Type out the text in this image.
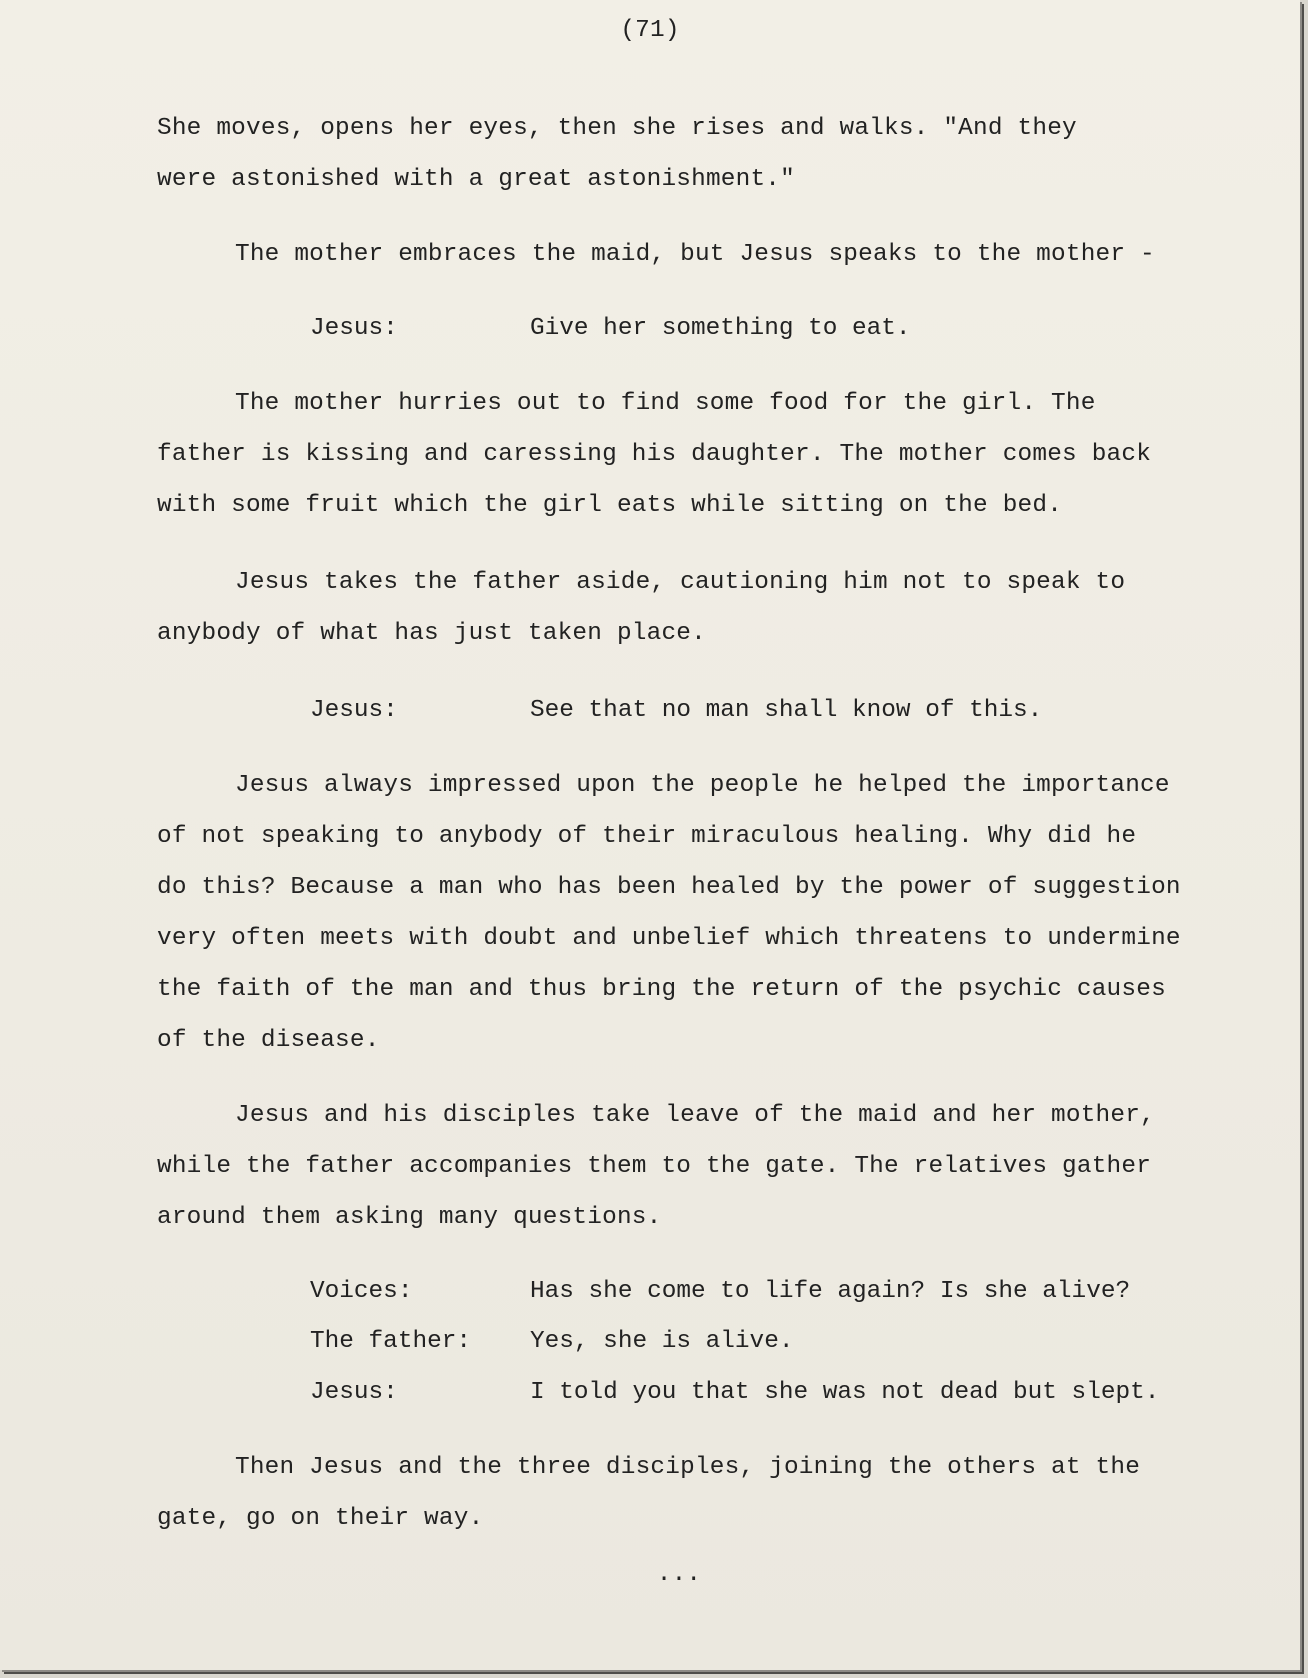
(71)
She moves, opens her eyes, then she rises and walks. "And they
were astonished with a great astonishment."
The mother embraces the maid, but Jesus speaks to the mother -
Jesus:	Give her something to eat.
The mother hurries out to find some food for the girl. The
father is kissing and caressing his daughter. The mother comes back
with some fruit which the girl eats while sitting on the bed.
Jesus takes the father aside, cautioning him not to speak to
anybody of what has just taken place.
Jesus:	See that no man shall know of this.
Jesus always impressed upon the people he helped the importance
of not speaking to anybody of their miraculous healing. Why did he
do this? Because a man who has been healed by the power of suggestion
very often meets with doubt and unbelief which threatens to undermine
the faith of the man and thus bring the return of the psychic causes
of the disease.
Jesus and his disciples take leave of the maid and her mother,
while the father accompanies them to the gate. The relatives gather
around them asking many questions.
Voices:	Has she come to life again? Is she alive?
The father: Yes, she is alive.
Jesus:	I told you that she was not dead but slept.
Then Jesus and the three disciples, joining the others at the
gate, go on their way.
...
